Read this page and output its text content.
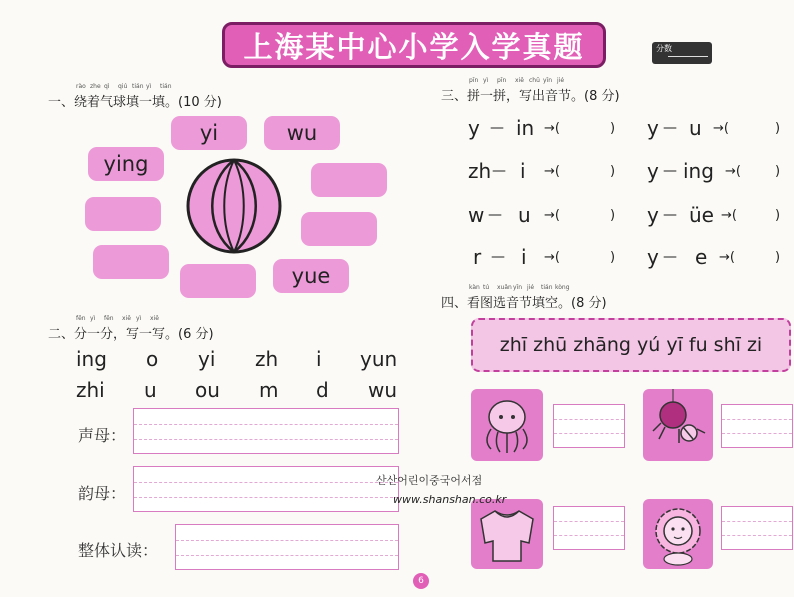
上海某中心小学入学真题	分数
rào zhe qì qiú tián yì tián
一、绕着气球填一填。(10 分)
yi	wu
ying
yue
fēn yì fēn xiě yì xiě
二、分一分，写一写。(6 分)
ing o yi zh i yun
zhi u ou m d wu
声母：
韵母：
整体认读：
pīn yì pīn xiě chū yīn jié
三、拼一拼，写出音节。(8 分)
y — in →(	) y — u →(	)
zh — i →(	) y — ing →(	)
w — u →(	) y — üe →(	)
r — i →(	) y — e →(	)
kàn tú xuǎn yīn jié tián kòng
四、看图选音节填空。(8 分)
zhī zhū zhāng yú yī fu shī zi
산산어린이중국어서점
www.shanshan.co.kr
6
